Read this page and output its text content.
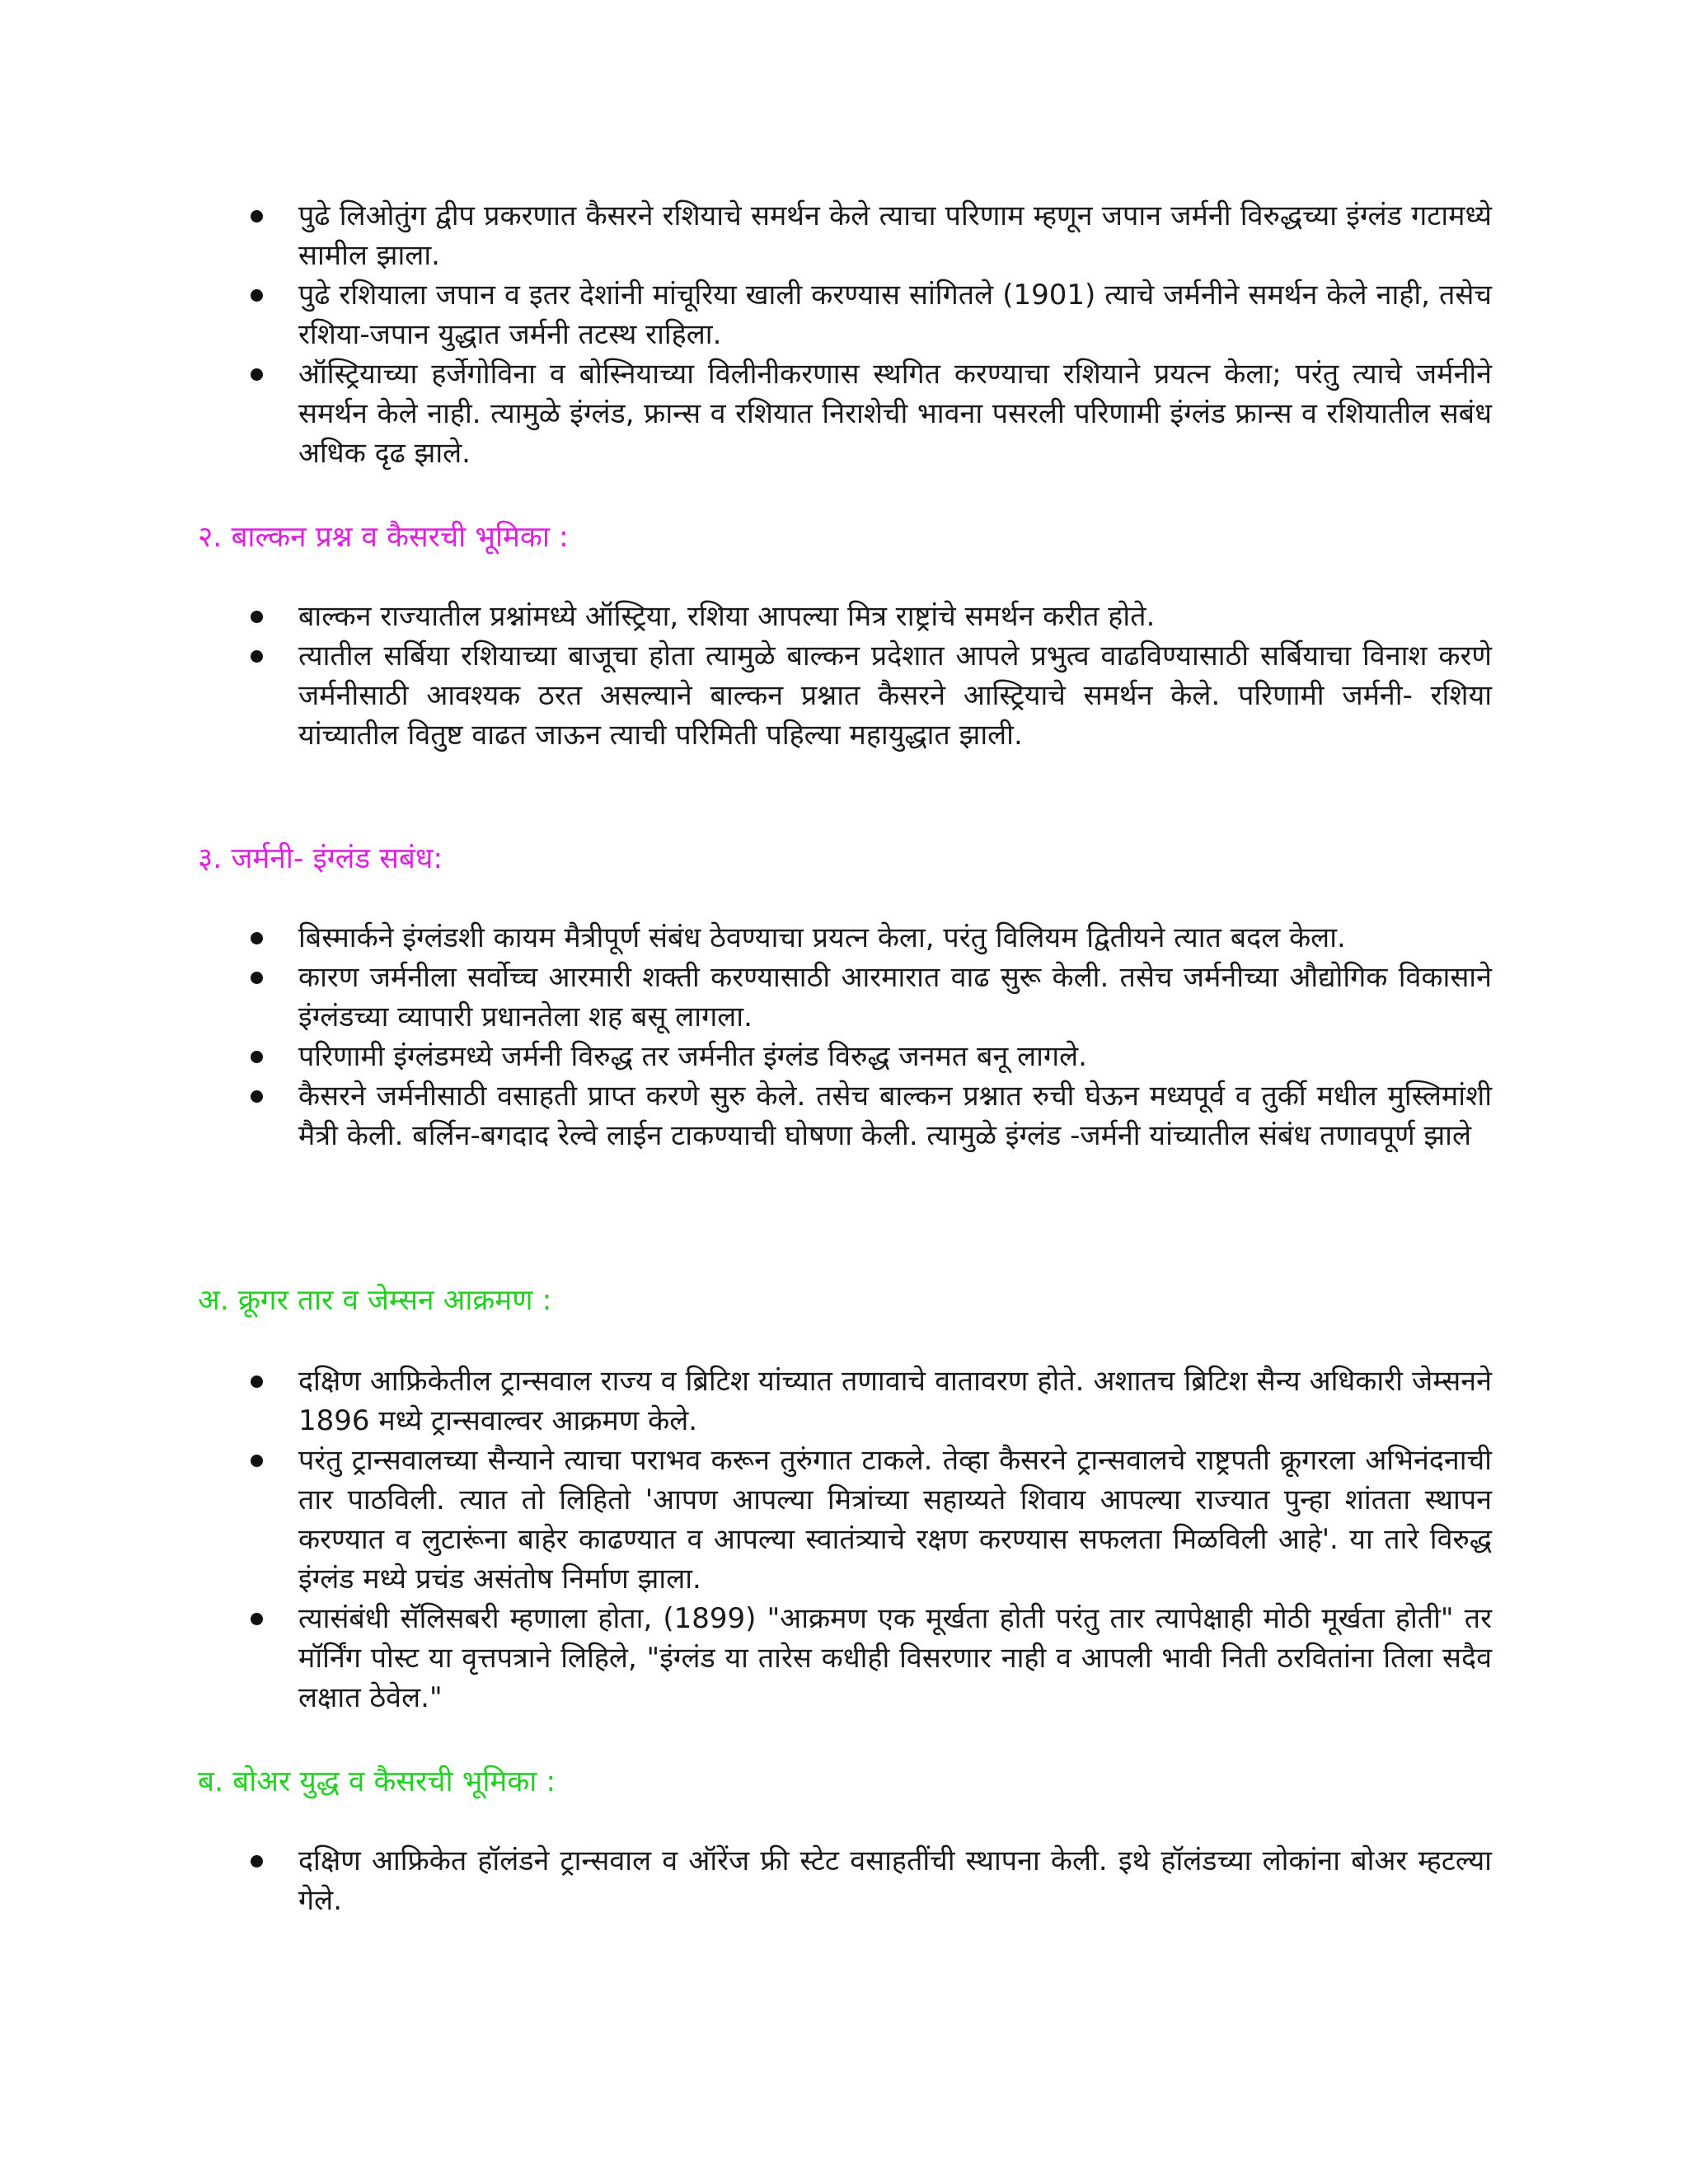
पुढे लिओतुंग द्वीप प्रकरणात कैसरने रशियाचे समर्थन केले त्याचा परिणाम म्हणून जपान जर्मनी विरुद्धच्या इंग्लंड गटामध्ये सामील झाला.
पुढे रशियाला जपान व इतर देशांनी मांचूरिया खाली करण्यास सांगितले (1901) त्याचे जर्मनीने समर्थन केले नाही, तसेच रशिया-जपान युद्धात जर्मनी तटस्थ राहिला.
ऑस्ट्रियाच्या हर्जेगोविना व बोस्नियाच्या विलीनीकरणास स्थगित करण्याचा रशियाने प्रयत्न केला; परंतु त्याचे जर्मनीने समर्थन केले नाही. त्यामुळे इंग्लंड, फ्रान्स व रशियात निराशेची भावना पसरली परिणामी इंग्लंड फ्रान्स व रशियातील सबंध अधिक दृढ झाले.
२. बाल्कन प्रश्न व कैसरची भूमिका :
बाल्कन राज्यातील प्रश्नांमध्ये ऑस्ट्रिया, रशिया आपल्या मित्र राष्ट्रांचे समर्थन करीत होते.
त्यातील सर्बिया रशियाच्या बाजूचा होता त्यामुळे बाल्कन प्रदेशात आपले प्रभुत्व वाढविण्यासाठी सर्बियाचा विनाश करणे जर्मनीसाठी आवश्यक ठरत असल्याने बाल्कन प्रश्नात कैसरने आस्ट्रियाचे समर्थन केले. परिणामी जर्मनी- रशिया यांच्यातील वितुष्ट वाढत जाऊन त्याची परिमिती पहिल्या महायुद्धात झाली.
३. जर्मनी- इंग्लंड सबंध:
बिस्मार्कने इंग्लंडशी कायम मैत्रीपूर्ण संबंध ठेवण्याचा प्रयत्न केला, परंतु विलियम द्वितीयने त्यात बदल केला.
कारण जर्मनीला सर्वोच्च आरमारी शक्ती करण्यासाठी आरमारात वाढ सुरू केली. तसेच जर्मनीच्या औद्योगिक विकासाने इंग्लंडच्या व्यापारी प्रधानतेला शह बसू लागला.
परिणामी इंग्लंडमध्ये जर्मनी विरुद्ध तर जर्मनीत इंग्लंड विरुद्ध जनमत बनू लागले.
कैसरने जर्मनीसाठी वसाहती प्राप्त करणे सुरु केले. तसेच बाल्कन प्रश्नात रुची घेऊन मध्यपूर्व व तुर्की मधील मुस्लिमांशी मैत्री केली. बर्लिन-बगदाद रेल्वे लाईन टाकण्याची घोषणा केली. त्यामुळे इंग्लंड -जर्मनी यांच्यातील संबंध तणावपूर्ण झाले
अ. क्रूगर तार व जेम्सन आक्रमण :
दक्षिण आफ्रिकेतील ट्रान्सवाल राज्य व ब्रिटिश यांच्यात तणावाचे वातावरण होते. अशातच ब्रिटिश सैन्य अधिकारी जेम्सनने 1896 मध्ये ट्रान्सवाल्वर आक्रमण केले.
परंतु ट्रान्सवालच्या सैन्याने त्याचा पराभव करून तुरुंगात टाकले. तेव्हा कैसरने ट्रान्सवालचे राष्ट्रपती क्रूगरला अभिनंदनाची तार पाठविली. त्यात तो लिहितो 'आपण आपल्या मित्रांच्या सहाय्यते शिवाय आपल्या राज्यात पुन्हा शांतता स्थापन करण्यात व लुटारूंना बाहेर काढण्यात व आपल्या स्वातंत्र्याचे रक्षण करण्यास सफलता मिळविली आहे'. या तारे विरुद्ध इंग्लंड मध्ये प्रचंड असंतोष निर्माण झाला.
त्यासंबंधी सॅलिसबरी म्हणाला होता, (1899) "आक्रमण एक मूर्खता होती परंतु तार त्यापेक्षाही मोठी मूर्खता होती" तर मॉर्निंग पोस्ट या वृत्तपत्राने लिहिले, "इंग्लंड या तारेस कधीही विसरणार नाही व आपली भावी निती ठरवितांना तिला सदैव लक्षात ठेवेल."
ब. बोअर युद्ध व कैसरची भूमिका :
दक्षिण आफ्रिकेत हॉलंडने ट्रान्सवाल व ऑरेंज फ्री स्टेट वसाहतींची स्थापना केली. इथे हॉलंडच्या लोकांना बोअर म्हटल्या गेले.
